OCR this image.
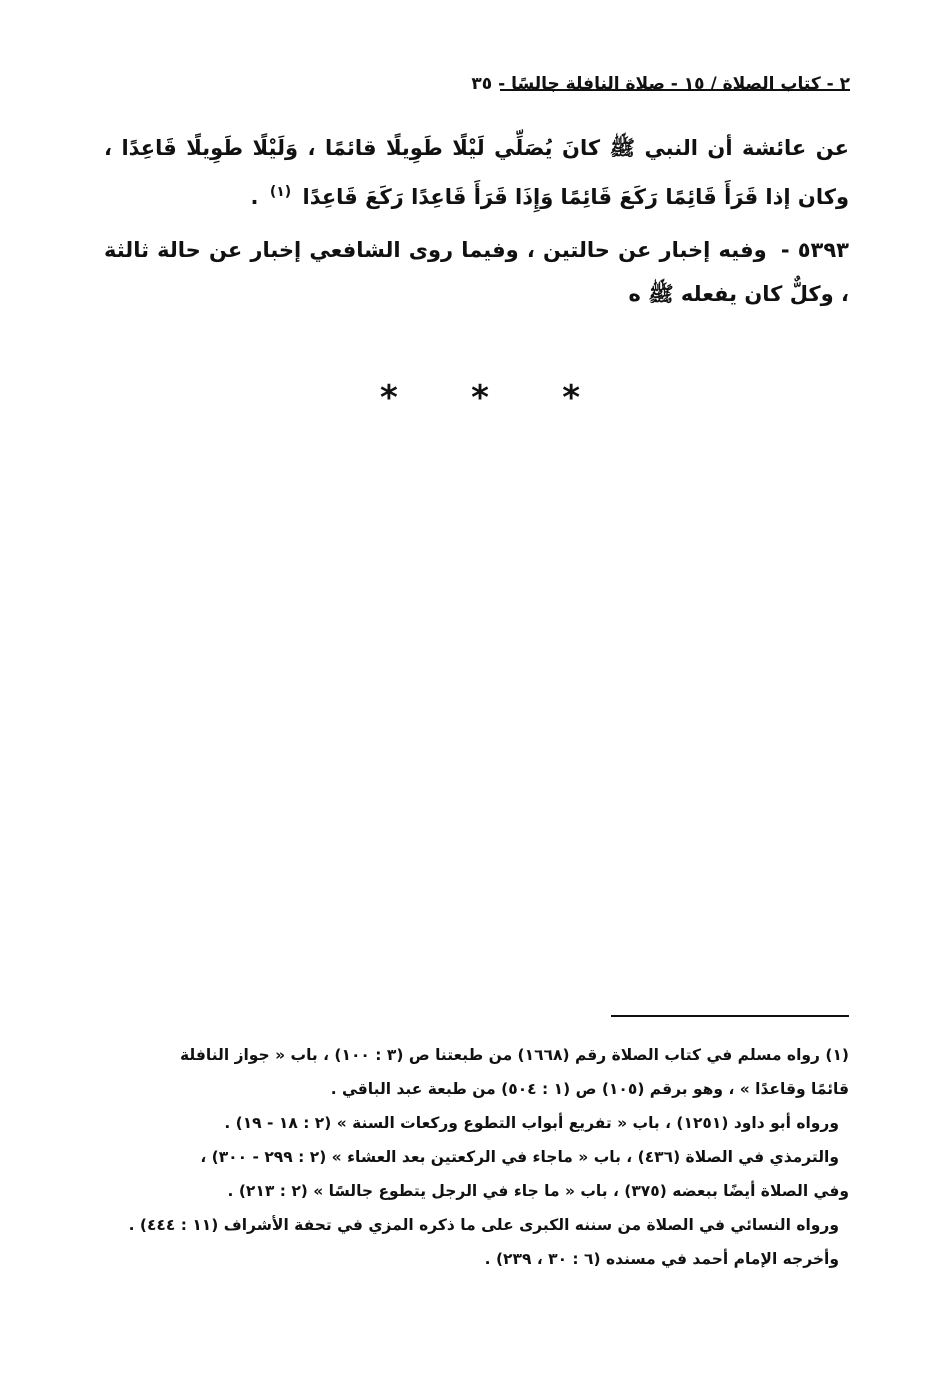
٢ - كتاب الصلاة / ١٥ - صلاة النافلة جالسًا - ٣٥
عن عائشة أن النبي ﷺ كانَ يُصَلِّي لَيْلًا طَوِيلًا قائمًا ، وَلَيْلًا طَوِيلًا قَاعِدًا ، وكان إذا قَرَأَ قَائِمًا رَكَعَ قَائِمًا وَإِذَا قَرَأَ قَاعِدًا رَكَعَ قَاعِدًا $^{(١)}$ .
٥٣٩٣ - وفيه إخبار عن حالتين ، وفيما روى الشافعي إخبار عن حالة ثالثة ، وكلٌّ كان يفعله ﷺ ه
* * *
(١) رواه مسلم في كتاب الصلاة رقم (١٦٦٨) من طبعتنا ص (٣ : ١٠٠) ، باب « جواز النافلة
قائمًا وقاعدًا » ، وهو برقم (١٠٥) ص (١ : ٥٠٤) من طبعة عبد الباقي .
ورواه أبو داود (١٢٥١) ، باب « تفريع أبواب التطوع وركعات السنة » (٢ : ١٨ - ١٩) .
والترمذي في الصلاة (٤٣٦) ، باب « ماجاء في الركعتين بعد العشاء » (٢ : ٢٩٩ - ٣٠٠) ،
وفي الصلاة أيضًا ببعضه (٣٧٥) ، باب « ما جاء في الرجل يتطوع جالسًا » (٢ : ٢١٣) .
ورواه النسائي في الصلاة من سننه الكبرى على ما ذكره المزي في تحفة الأشراف (١١ : ٤٤٤) .
وأخرجه الإمام أحمد في مسنده (٦ : ٣٠ ، ٢٣٩) .
